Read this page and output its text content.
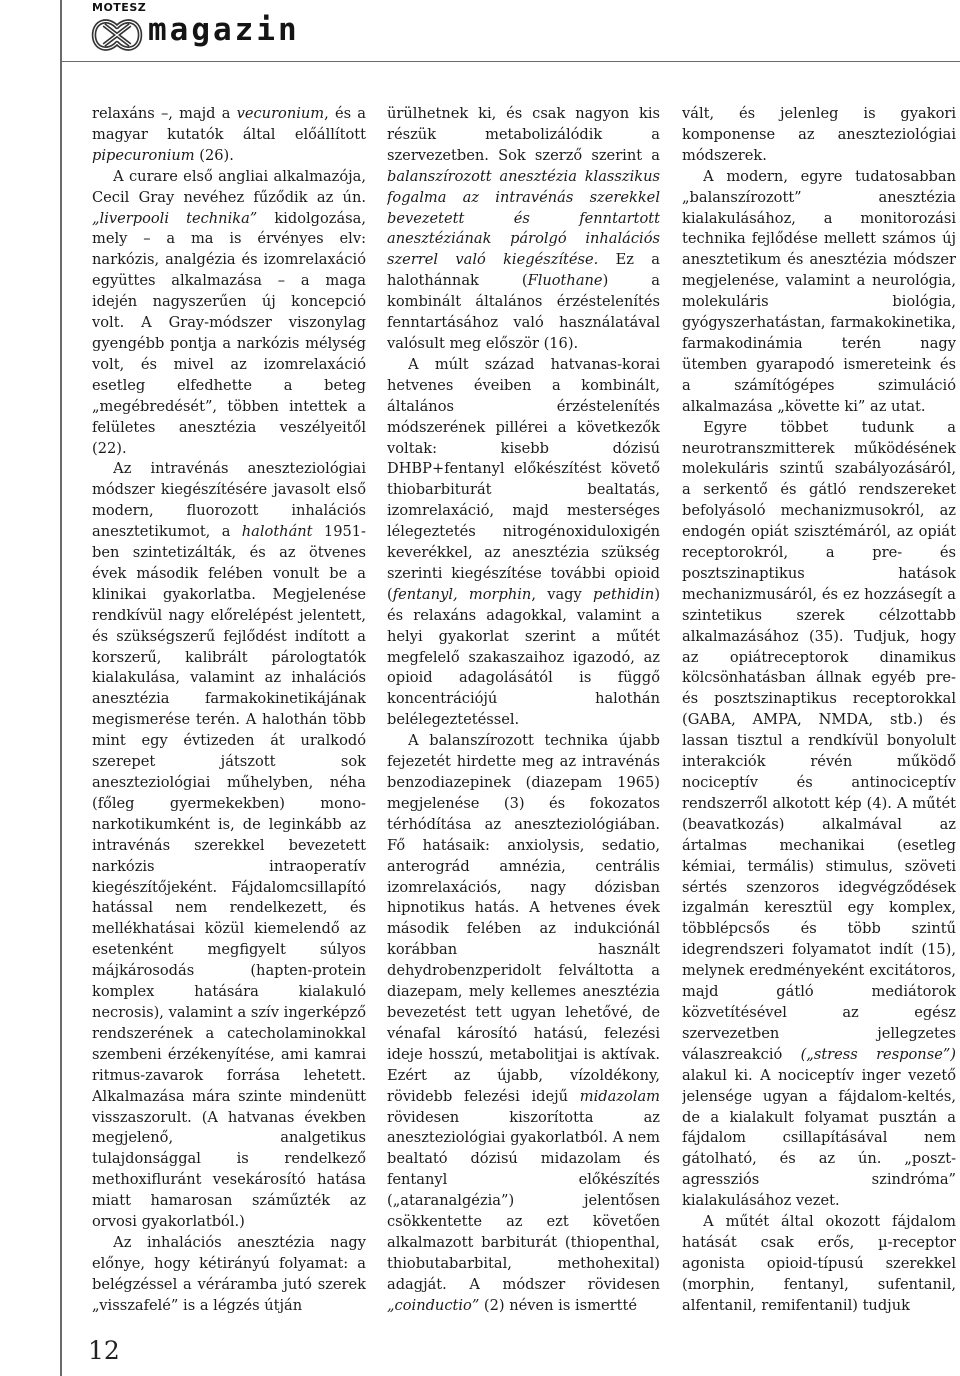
MOTESZ

magazin

relaxáns –, majd a vecuronium, és a magyar kutatók által előállított pipecuronium (26).

A curare első angliai alkalmazója, Cecil Gray nevéhez fűződik az ún. „liverpooli technika” kidolgozása, mely – a ma is érvényes elv: narkózis, analgézia és izomrelaxáció együttes alkalmazása – a maga idején nagyszerűen új koncepció volt. A Gray-módszer viszonylag gyengébb pontja a narkózis mélység volt, és mivel az izomrelaxáció esetleg elfedhette a beteg „megébredését”, többen intettek a felületes anesztézia veszélyeitől (22).

Az intravénás aneszteziológiai módszer kiegészítésére javasolt első modern, fluorozott inhalációs anesztetikumot, a halothánt 1951-ben szintetizálták, és az ötvenes évek második felében vonult be a klinikai gyakorlatba. Megjelenése rendkívül nagy előrelépést jelentett, és szükségszerű fejlődést indított a korszerű, kalibrált párologtatók kialakulása, valamint az inhalációs anesztézia farmakokinetikájának megismerése terén. A halothán több mint egy évtizeden át uralkodó szerepet játszott sok aneszteziológiai műhelyben, néha (főleg gyermekekben) mono-narkotikumként is, de leginkább az intravénás szerekkel bevezetett narkózis intraoperatív kiegészítőjeként. Fájdalomcsillapító hatással nem rendelkezett, és mellékhatásai közül kiemelendő az esetenként megfigyelt súlyos májkárosodás (hapten-protein komplex hatására kialakuló necrosis), valamint a szív ingerképző rendszerének a catecholaminokkal szembeni érzékenyítése, ami kamrai ritmus-zavarok forrása lehetett. Alkalmazása mára szinte mindenütt visszaszorult. (A hatvanas években megjelenő, analgetikus tulajdonsággal is rendelkező methoxifluránt vesekárosító hatása miatt hamarosan száműzték az orvosi gyakorlatból.)

Az inhalációs anesztézia nagy előnye, hogy kétirányú folyamat: a belégzéssel a véráramba jutó szerek „visszafelé” is a légzés útján

ürülhetnek ki, és csak nagyon kis részük metabolizálódik a szervezetben. Sok szerző szerint a balanszírozott anesztézia klasszikus fogalma az intravénás szerekkel bevezetett és fenntartott anesztéziának párolgó inhalációs szerrel való kiegészítése. Ez a halothánnak (Fluothane) a kombinált általános érzéstelenítés fenntartásához való használatával valósult meg először (16).

A múlt század hatvanas-korai hetvenes éveiben a kombinált, általános érzéstelenítés módszerének pillérei a következők voltak: kisebb dózisú DHBP+fentanyl előkészítést követő thiobarbiturát bealtatás, izomrelaxáció, majd mesterséges lélegeztetés nitrogénoxiduloxigén keverékkel, az anesztézia szükség szerinti kiegészítése további opioid (fentanyl, morphin, vagy pethidin) és relaxáns adagokkal, valamint a helyi gyakorlat szerint a műtét megfelelő szakaszaihoz igazodó, az opioid adagolásától is függő koncentrációjú halothán belélegeztetéssel.

A balanszírozott technika újabb fejezetét hirdette meg az intravénás benzodiazepinek (diazepam 1965) megjelenése (3) és fokozatos térhódítása az aneszteziológiában. Fő hatásaik: anxiolysis, sedatio, anterográd amnézia, centrális izomrelaxációs, nagy dózisban hipnotikus hatás. A hetvenes évek második felében az indukciónál korábban használt dehydrobenzperidolt felváltotta a diazepam, mely kellemes anesztézia bevezetést tett ugyan lehetővé, de vénafal károsító hatású, felezési ideje hosszú, metabolitjai is aktívak. Ezért az újabb, vízoldékony, rövidebb felezési idejű midazolam rövidesen kiszorította az aneszteziológiai gyakorlatból. A nem bealtató dózisú midazolam és fentanyl előkészítés („ataranalgézia”) jelentősen csökkentette az ezt követően alkalmazott barbiturát (thiopenthal, thiobutabarbital, methohexital) adagját. A módszer rövidesen „coinductio” (2) néven is ismertté

vált, és jelenleg is gyakori komponense az aneszteziológiai módszerek.

A modern, egyre tudatosabban „balanszírozott” anesztézia kialakulásához, a monitorozási technika fejlődése mellett számos új anesztetikum és anesztézia módszer megjelenése, valamint a neurológia, molekuláris biológia, gyógyszerhatástan, farmakokinetika, farmakodinámia terén nagy ütemben gyarapodó ismereteink és a számítógépes szimuláció alkalmazása „követte ki” az utat.

Egyre többet tudunk a neurotranszmitterek működésének molekuláris szintű szabályozásáról, a serkentő és gátló rendszereket befolyásoló mechanizmusokról, az endogén opiát szisztémáról, az opiát receptorokról, a pre- és posztszinaptikus hatások mechanizmusáról, és ez hozzásegít a szintetikus szerek célzottabb alkalmazásához (35). Tudjuk, hogy az opiátreceptorok dinamikus kölcsönhatásban állnak egyéb pre- és posztszinaptikus receptorokkal (GABA, AMPA, NMDA, stb.) és lassan tisztul a rendkívül bonyolult interakciók révén működő nociceptív és antinociceptív rendszerről alkotott kép (4). A műtét (beavatkozás) alkalmával az ártalmas mechanikai (esetleg kémiai, termális) stimulus, szöveti sértés szenzoros idegvégződések izgalmán keresztül egy komplex, többlépcsős és több szintű idegrendszeri folyamatot indít (15), melynek eredményeként excitátoros, majd gátló mediátorok közvetítésével az egész szervezetben jellegzetes válaszreakció („stress response”) alakul ki. A nociceptív inger vezető jelensége ugyan a fájdalom-keltés, de a kialakult folyamat pusztán a fájdalom csillapításával nem gátolható, és az ún. „poszt-agressziós szindróma” kialakulásához vezet.

A műtét által okozott fájdalom hatását csak erős, µ-receptor agonista opioid-típusú szerekkel (morphin, fentanyl, sufentanil, alfentanil, remifentanil) tudjuk

12
